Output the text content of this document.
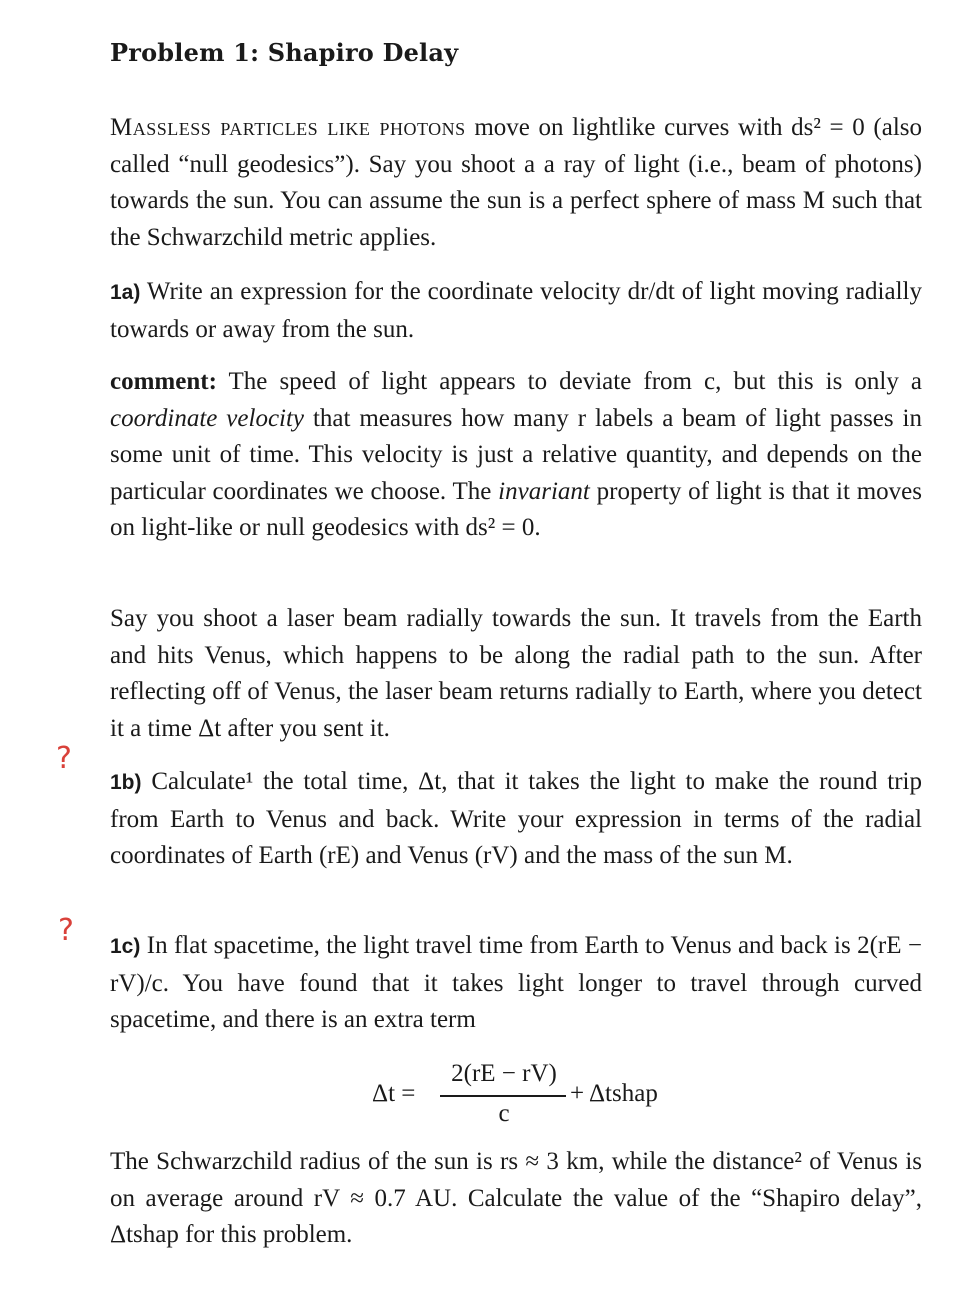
Problem 1: Shapiro Delay
Massless particles like photons move on lightlike curves with ds² = 0 (also called “null geodesics”). Say you shoot a a ray of light (i.e., beam of photons) towards the sun. You can assume the sun is a perfect sphere of mass M such that the Schwarzchild metric applies.
1a) Write an expression for the coordinate velocity dr/dt of light moving radially towards or away from the sun.
comment: The speed of light appears to deviate from c, but this is only a coordinate velocity that measures how many r labels a beam of light passes in some unit of time. This velocity is just a relative quantity, and depends on the particular coordinates we choose. The invariant property of light is that it moves on light-like or null geodesics with ds² = 0.
Say you shoot a laser beam radially towards the sun. It travels from the Earth and hits Venus, which happens to be along the radial path to the sun. After reflecting off of Venus, the laser beam returns radially to Earth, where you detect it a time Δt after you sent it.
?
1b) Calculate¹ the total time, Δt, that it takes the light to make the round trip from Earth to Venus and back. Write your expression in terms of the radial coordinates of Earth (rE) and Venus (rV) and the mass of the sun M.
? 1c) In flat spacetime, the light travel time from Earth to Venus and back is 2(rE − rV)/c. You have found that it takes light longer to travel through curved spacetime, and there is an extra term
Δt =
2(rE − rV)
c
+ Δtshap
The Schwarzchild radius of the sun is rs ≈ 3 km, while the distance² of Venus is on average around rV ≈ 0.7 AU. Calculate the value of the “Shapiro delay”, Δtshap for this problem.
